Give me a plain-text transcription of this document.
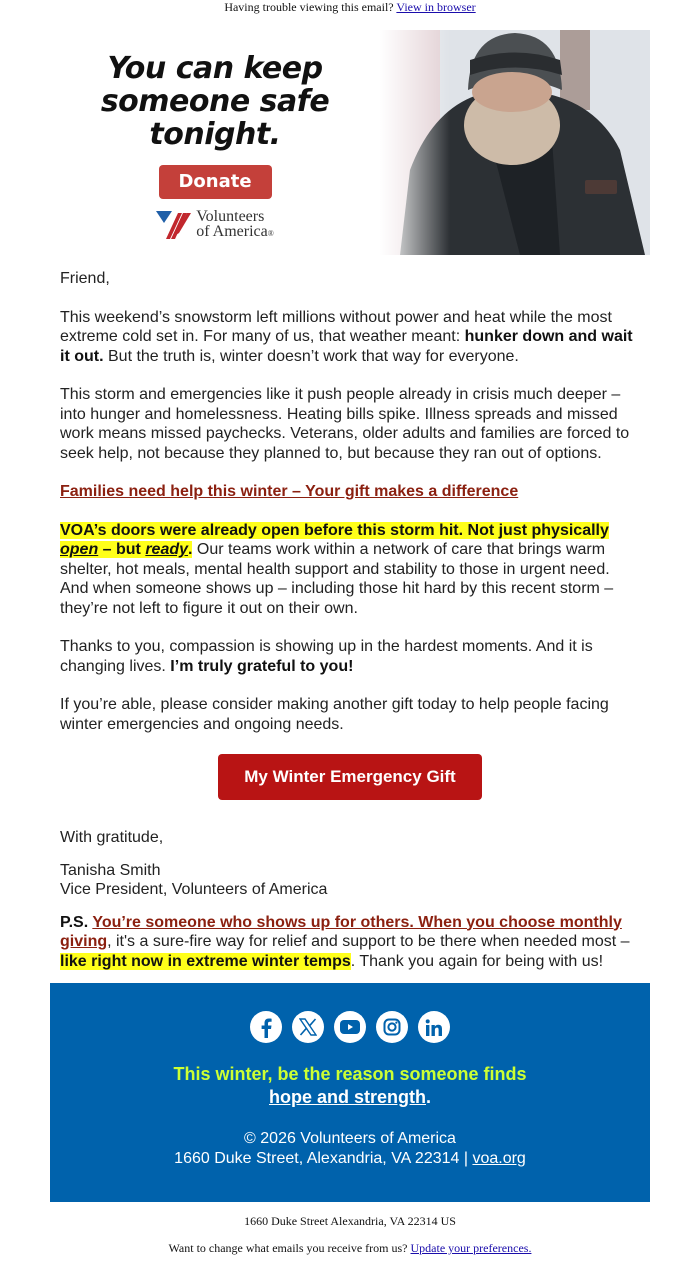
Having trouble viewing this email? View in browser
You can keep
someone safe
tonight.
Donate
Volunteers
of America®

Friend,

This weekend’s snowstorm left millions without power and heat while the most extreme cold set in. For many of us, that weather meant: hunker down and wait it out. But the truth is, winter doesn’t work that way for everyone.

This storm and emergencies like it push people already in crisis much deeper – into hunger and homelessness. Heating bills spike. Illness spreads and missed work means missed paychecks. Veterans, older adults and families are forced to seek help, not because they planned to, but because they ran out of options.

Families need help this winter – Your gift makes a difference

VOA’s doors were already open before this storm hit. Not just physically
open – but ready. Our teams work within a network of care that brings warm shelter, hot meals, mental health support and stability to those in urgent need. And when someone shows up – including those hit hard by this recent storm – they’re not left to figure it out on their own.

Thanks to you, compassion is showing up in the hardest moments. And it is changing lives. I’m truly grateful to you!

If you’re able, please consider making another gift today to help people facing winter emergencies and ongoing needs.

My Winter Emergency Gift

With gratitude,

Tanisha Smith
Vice President, Volunteers of America

P.S. You’re someone who shows up for others. When you choose monthly giving, it's a sure-fire way for relief and support to be there when needed most – like right now in extreme winter temps. Thank you again for being with us!

This winter, be the reason someone finds
hope and strength.
© 2026 Volunteers of America
1660 Duke Street, Alexandria, VA 22314 | voa.org
1660 Duke Street Alexandria, VA 22314 US
Want to change what emails you receive from us? Update your preferences.
